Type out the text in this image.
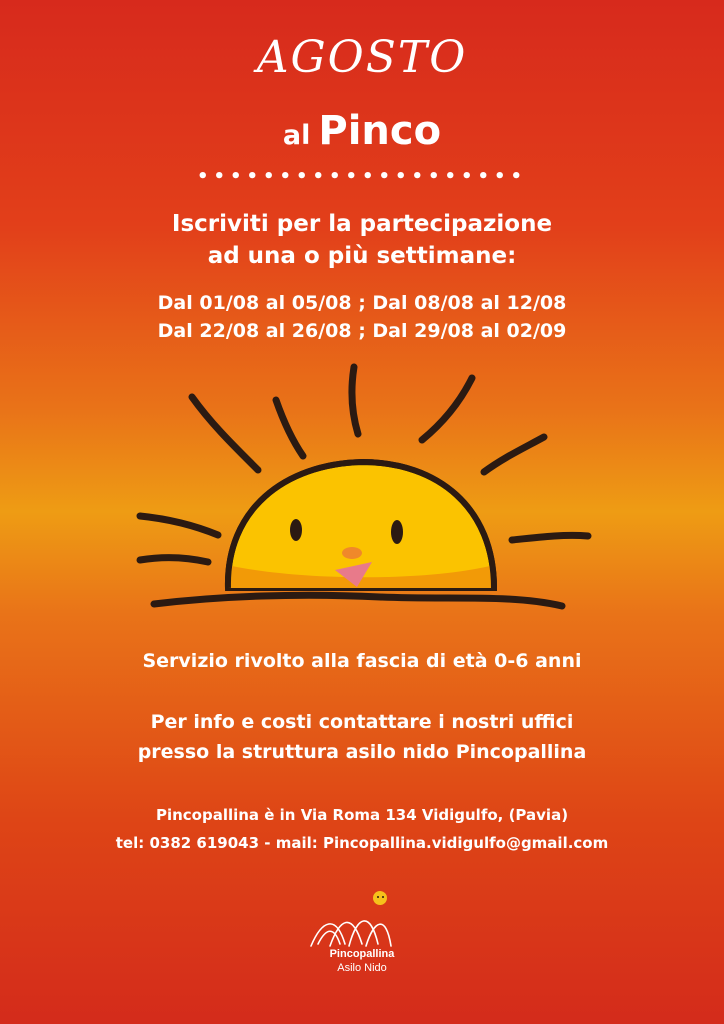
AGOSTO
al Pinco
••••••••••••••••••••
Iscriviti per la partecipazione
ad una o più settimane:
Dal 01/08 al 05/08 ; Dal 08/08 al 12/08
Dal 22/08 al 26/08 ; Dal 29/08 al 02/09
Servizio rivolto alla fascia di età 0-6 anni
Per info e costi contattare i nostri uffici
presso la struttura asilo nido Pincopallina
Pincopallina è in Via Roma 134 Vidigulfo, (Pavia)
tel: 0382 619043 - mail: Pincopallina.vidigulfo@gmail.com
Pincopallina
Asilo Nido
